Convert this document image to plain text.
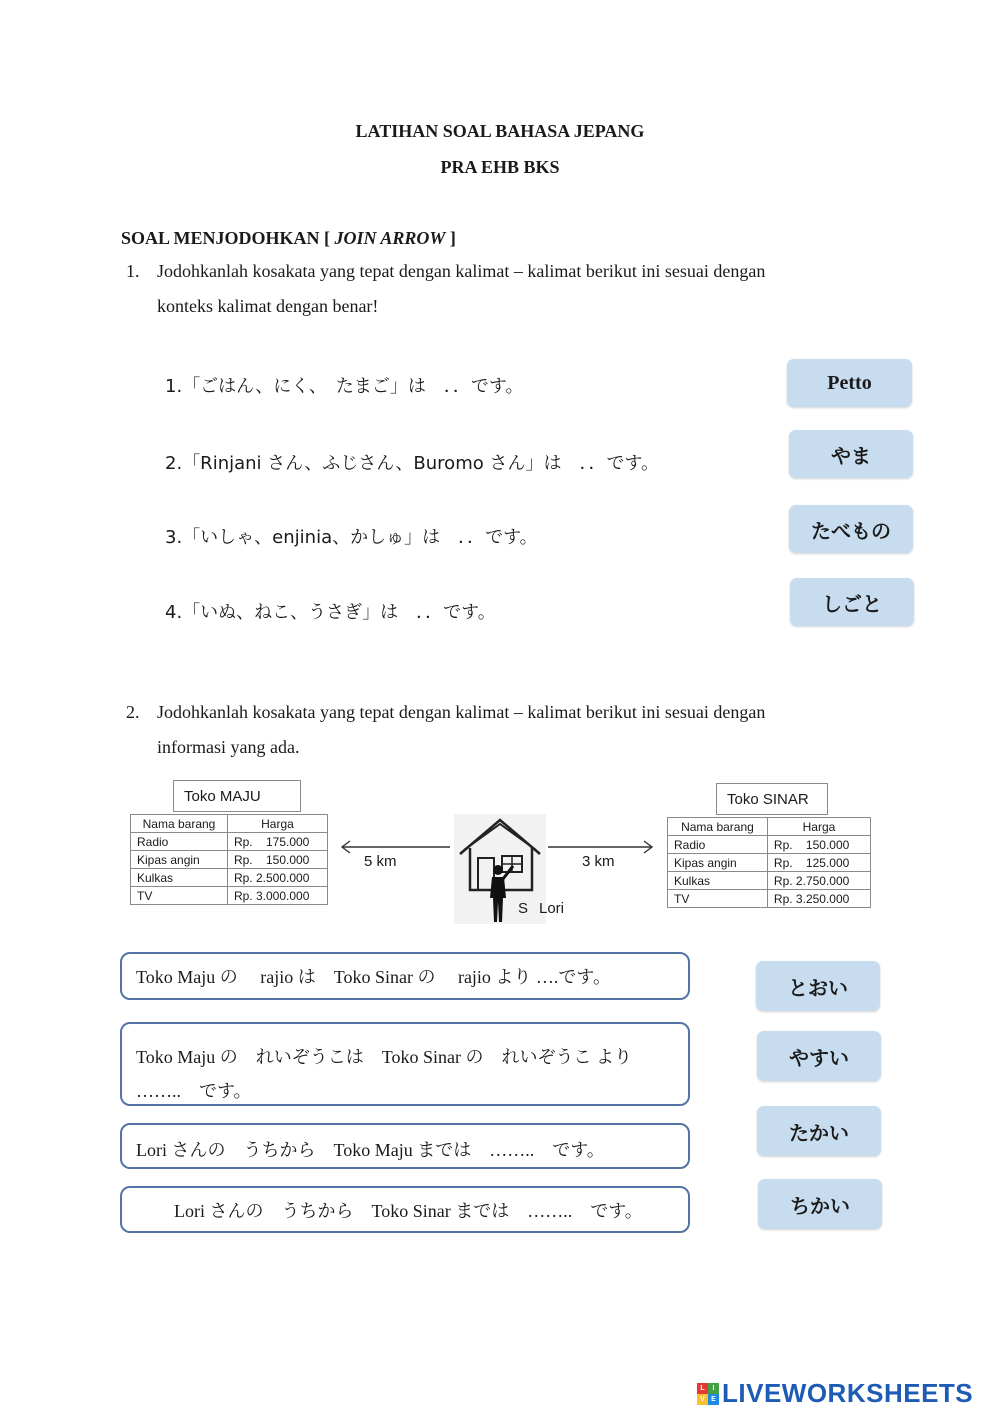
LATIHAN SOAL BAHASA JEPANG
PRA EHB BKS
SOAL MENJODOHKAN [ JOIN ARROW ]
1. Jodohkanlah kosakata yang tepat dengan kalimat – kalimat berikut ini sesuai dengan
konteks kalimat dengan benar!
1.「ごはん、にく、　たまご」は　．．です。
2.「Rinjani さん、ふじさん、Buromo さん」は　．．です。
3.「いしゃ、enjinia、かしゅ」は　．．です。
4.「いぬ、ねこ、うさぎ」は　．．です。
Petto
やま
たべもの
しごと
2. Jodohkanlah kosakata yang tepat dengan kalimat – kalimat berikut ini sesuai dengan
informasi yang ada.
Toko MAJU
Nama barang	Harga
Radio	Rp.    175.000
Kipas angin	Rp.    150.000
Kulkas	Rp. 2.500.000
TV	Rp. 3.000.000
5 km	3 km
S Lori
Toko SINAR
Nama barang	Harga
Radio	Rp.    150.000
Kipas angin	Rp.    125.000
Kulkas	Rp. 2.750.000
TV	Rp. 3.250.000
Toko Maju の　 rajio は　Toko Sinar の　 rajio より ….です。
Toko Maju の　れいぞうこは　Toko Sinar の　れいぞうこ より
……..　です。
Lori さんの　うちから　Toko Maju までは　……..　です。
Lori さんの　うちから　Toko Sinar までは　……..　です。
とおい
やすい
たかい
ちかい
L	I
V E LIVEWORKSHEETS
